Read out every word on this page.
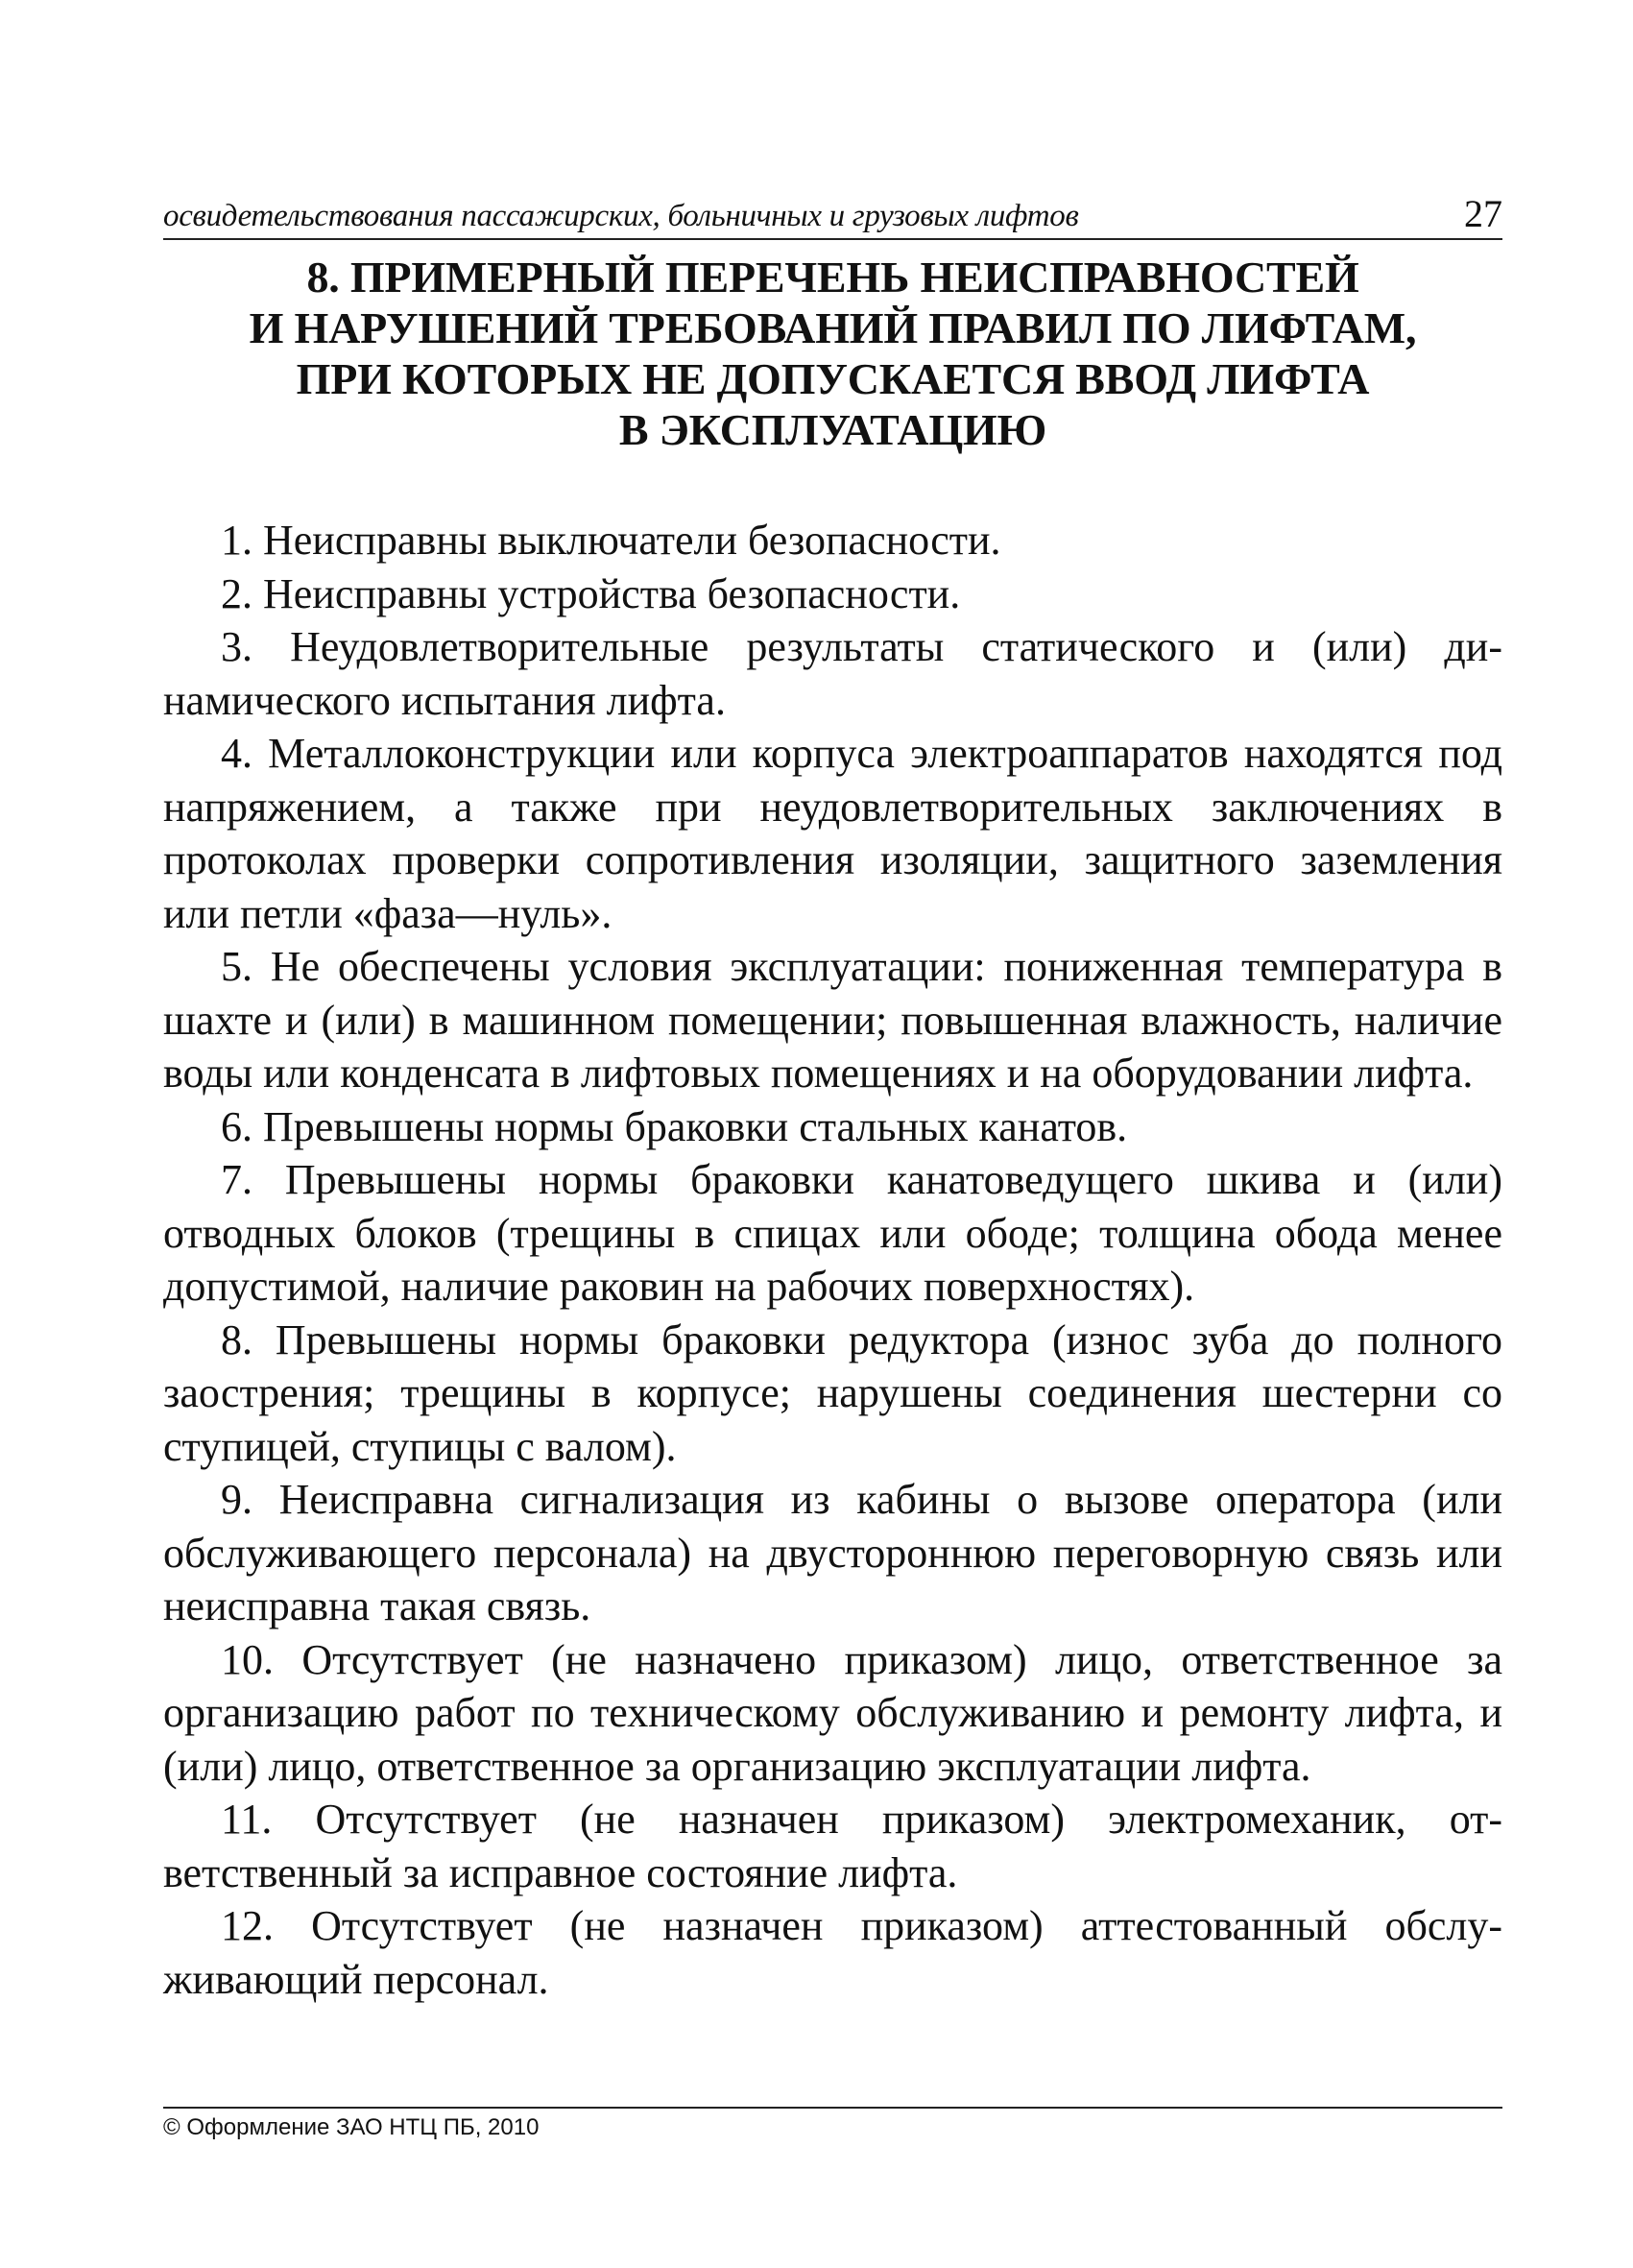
освидетельствования пассажирских, больничных и грузовых лифтов	27
8. ПРИМЕРНЫЙ ПЕРЕЧЕНЬ НЕИСПРАВНОСТЕЙ
И НАРУШЕНИЙ ТРЕБОВАНИЙ ПРАВИЛ ПО ЛИФТАМ,
ПРИ КОТОРЫХ НЕ ДОПУСКАЕТСЯ ВВОД ЛИФТА
В ЭКСПЛУАТАЦИЮ

1. Неисправны выключатели безопасности.

2. Неисправны устройства безопасности.

3. Неудовлетворительные результаты статического и (или) динамического испытания лифта.

4. Металлоконструкции или корпуса электроаппаратов находятся под напряжением, а также при неудовлетворительных заключениях в протоколах проверки сопротивления изоляции, защитного заземления или петли «фаза—нуль».

5. Не обеспечены условия эксплуатации: пониженная температура в шахте и (или) в машинном помещении; повышенная влажность, наличие воды или конденсата в лифтовых помещениях и на оборудовании лифта.

6. Превышены нормы браковки стальных канатов.

7. Превышены нормы браковки канатоведущего шкива и (или) отводных блоков (трещины в спицах или ободе; толщина обода менее допустимой, наличие раковин на рабочих поверхностях).

8. Превышены нормы браковки редуктора (износ зуба до полного заострения; трещины в корпусе; нарушены соединения шестерни со ступицей, ступицы с валом).

9. Неисправна сигнализация из кабины о вызове оператора (или обслуживающего персонала) на двустороннюю переговорную связь или неисправна такая связь.

10. Отсутствует (не назначено приказом) лицо, ответственное за организацию работ по техническому обслуживанию и ремонту лифта, и (или) лицо, ответственное за организацию эксплуатации лифта.

11. Отсутствует (не назначен приказом) электромеханик, ответственный за исправное состояние лифта.

12. Отсутствует (не назначен приказом) аттестованный обслуживающий персонал.

© Оформление ЗАО НТЦ ПБ, 2010
